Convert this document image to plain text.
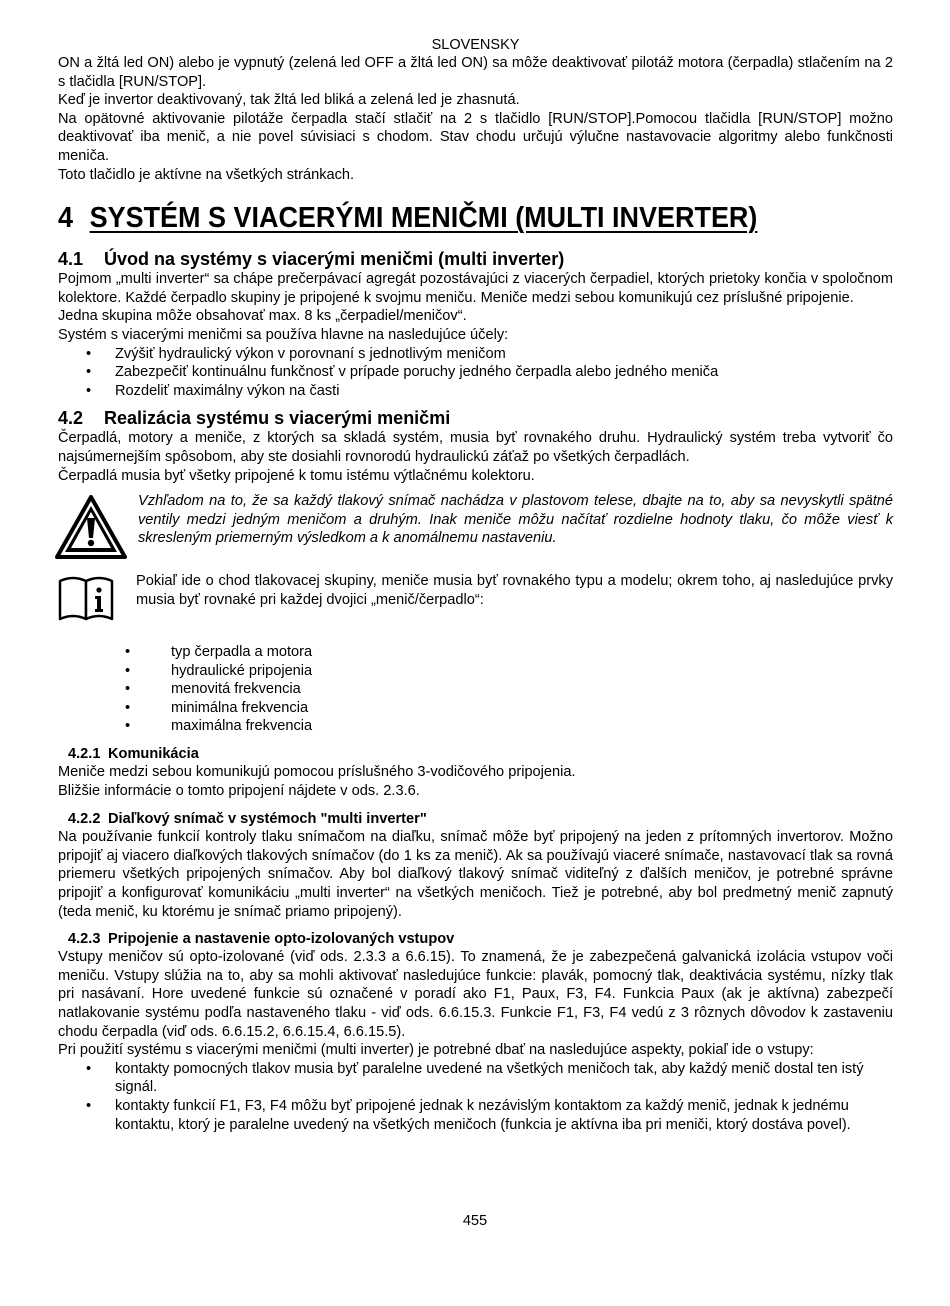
SLOVENSKY

ON a žltá led ON) alebo je vypnutý (zelená led OFF a žltá led ON) sa môže deaktivovať pilotáž motora (čerpadla) stlačením na 2 s tlačidla [RUN/STOP].

Keď je invertor deaktivovaný, tak žltá led bliká a zelená led je zhasnutá.

Na opätovné aktivovanie pilotáže čerpadla stačí stlačiť na 2 s tlačidlo [RUN/STOP].Pomocou tlačidla [RUN/STOP] možno deaktivovať iba menič, a nie povel súvisiaci s chodom. Stav chodu určujú výlučne nastavovacie algoritmy alebo funkčnosti meniča.

Toto tlačidlo je aktívne na všetkých stránkach.

4 SYSTÉM S VIACERÝMI MENIČMI (MULTI INVERTER)
4.1	Úvod na systémy s viacerými meničmi (multi inverter)

Pojmom „multi inverter“ sa chápe prečerpávací agregát pozostávajúci z viacerých čerpadiel, ktorých prietoky končia v spoločnom kolektore. Každé čerpadlo skupiny je pripojené k svojmu meniču. Meniče medzi sebou komunikujú cez príslušné pripojenie.

Jedna skupina môže obsahovať max. 8 ks „čerpadiel/meničov“.

Systém s viacerými meničmi sa používa hlavne na nasledujúce účely:

• Zvýšiť hydraulický výkon v porovnaní s jednotlivým meničom
• Zabezpečiť kontinuálnu funkčnosť v prípade poruchy jedného čerpadla alebo jedného meniča
• Rozdeliť maximálny výkon na časti
4.2	Realizácia systému s viacerými meničmi

Čerpadlá, motory a meniče, z ktorých sa skladá systém, musia byť rovnakého druhu. Hydraulický systém treba vytvoriť čo najsúmernejším spôsobom, aby ste dosiahli rovnorodú hydraulickú záťaž po všetkých čerpadlách.

Čerpadlá musia byť všetky pripojené k tomu istému výtlačnému kolektoru.

Vzhľadom na to, že sa každý tlakový snímač nachádza v plastovom telese, dbajte na to, aby sa nevyskytli spätné ventily medzi jedným meničom a druhým. Inak meniče môžu načítať rozdielne hodnoty tlaku, čo môže viesť k skresleným priemerným výsledkom a k anomálnemu nastaveniu.

Pokiaľ ide o chod tlakovacej skupiny, meniče musia byť rovnakého typu a modelu; okrem toho, aj nasledujúce prvky musia byť rovnaké pri každej dvojici „menič/čerpadlo“:

• typ čerpadla a motora
• hydraulické pripojenia
• menovitá frekvencia
• minimálna frekvencia
• maximálna frekvencia
4.2.1 Komunikácia

Meniče medzi sebou komunikujú pomocou príslušného 3-vodičového pripojenia.

Bližšie informácie o tomto pripojení nájdete v ods. 2.3.6.

4.2.2 Diaľkový snímač v systémoch "multi inverter"

Na používanie funkcií kontroly tlaku snímačom na diaľku, snímač môže byť pripojený na jeden z prítomných invertorov. Možno pripojiť aj viacero diaľkových tlakových snímačov (do 1 ks za menič). Ak sa používajú viaceré snímače, nastavovací tlak sa rovná priemeru všetkých pripojených snímačov. Aby bol diaľkový tlakový snímač viditeľný z ďalších meničov, je potrebné správne pripojiť a konfigurovať komunikáciu „multi inverter“ na všetkých meničoch. Tiež je potrebné, aby bol predmetný menič zapnutý (teda menič, ku ktorému je snímač priamo pripojený).

4.2.3 Pripojenie a nastavenie opto-izolovaných vstupov

Vstupy meničov sú opto-izolované (viď ods. 2.3.3 a 6.6.15). To znamená, že je zabezpečená galvanická izolácia vstupov voči meniču. Vstupy slúžia na to, aby sa mohli aktivovať nasledujúce funkcie: plavák, pomocný tlak, deaktivácia systému, nízky tlak pri nasávaní. Hore uvedené funkcie sú označené v poradí ako F1, Paux, F3, F4. Funkcia Paux (ak je aktívna) zabezpečí natlakovanie systému podľa nastaveného tlaku - viď ods. 6.6.15.3. Funkcie F1, F3, F4 vedú z 3 rôznych dôvodov k zastaveniu chodu čerpadla (viď ods. 6.6.15.2, 6.6.15.4, 6.6.15.5).

Pri použití systému s viacerými meničmi (multi inverter) je potrebné dbať na nasledujúce aspekty, pokiaľ ide o vstupy:

• kontakty pomocných tlakov musia byť paralelne uvedené na všetkých meničoch tak, aby každý menič dostal ten istý signál.
• kontakty funkcií F1, F3, F4 môžu byť pripojené jednak k nezávislým kontaktom za každý menič, jednak k jednému kontaktu, ktorý je paralelne uvedený na všetkých meničoch (funkcia je aktívna iba pri meniči, ktorý dostáva povel).
455
